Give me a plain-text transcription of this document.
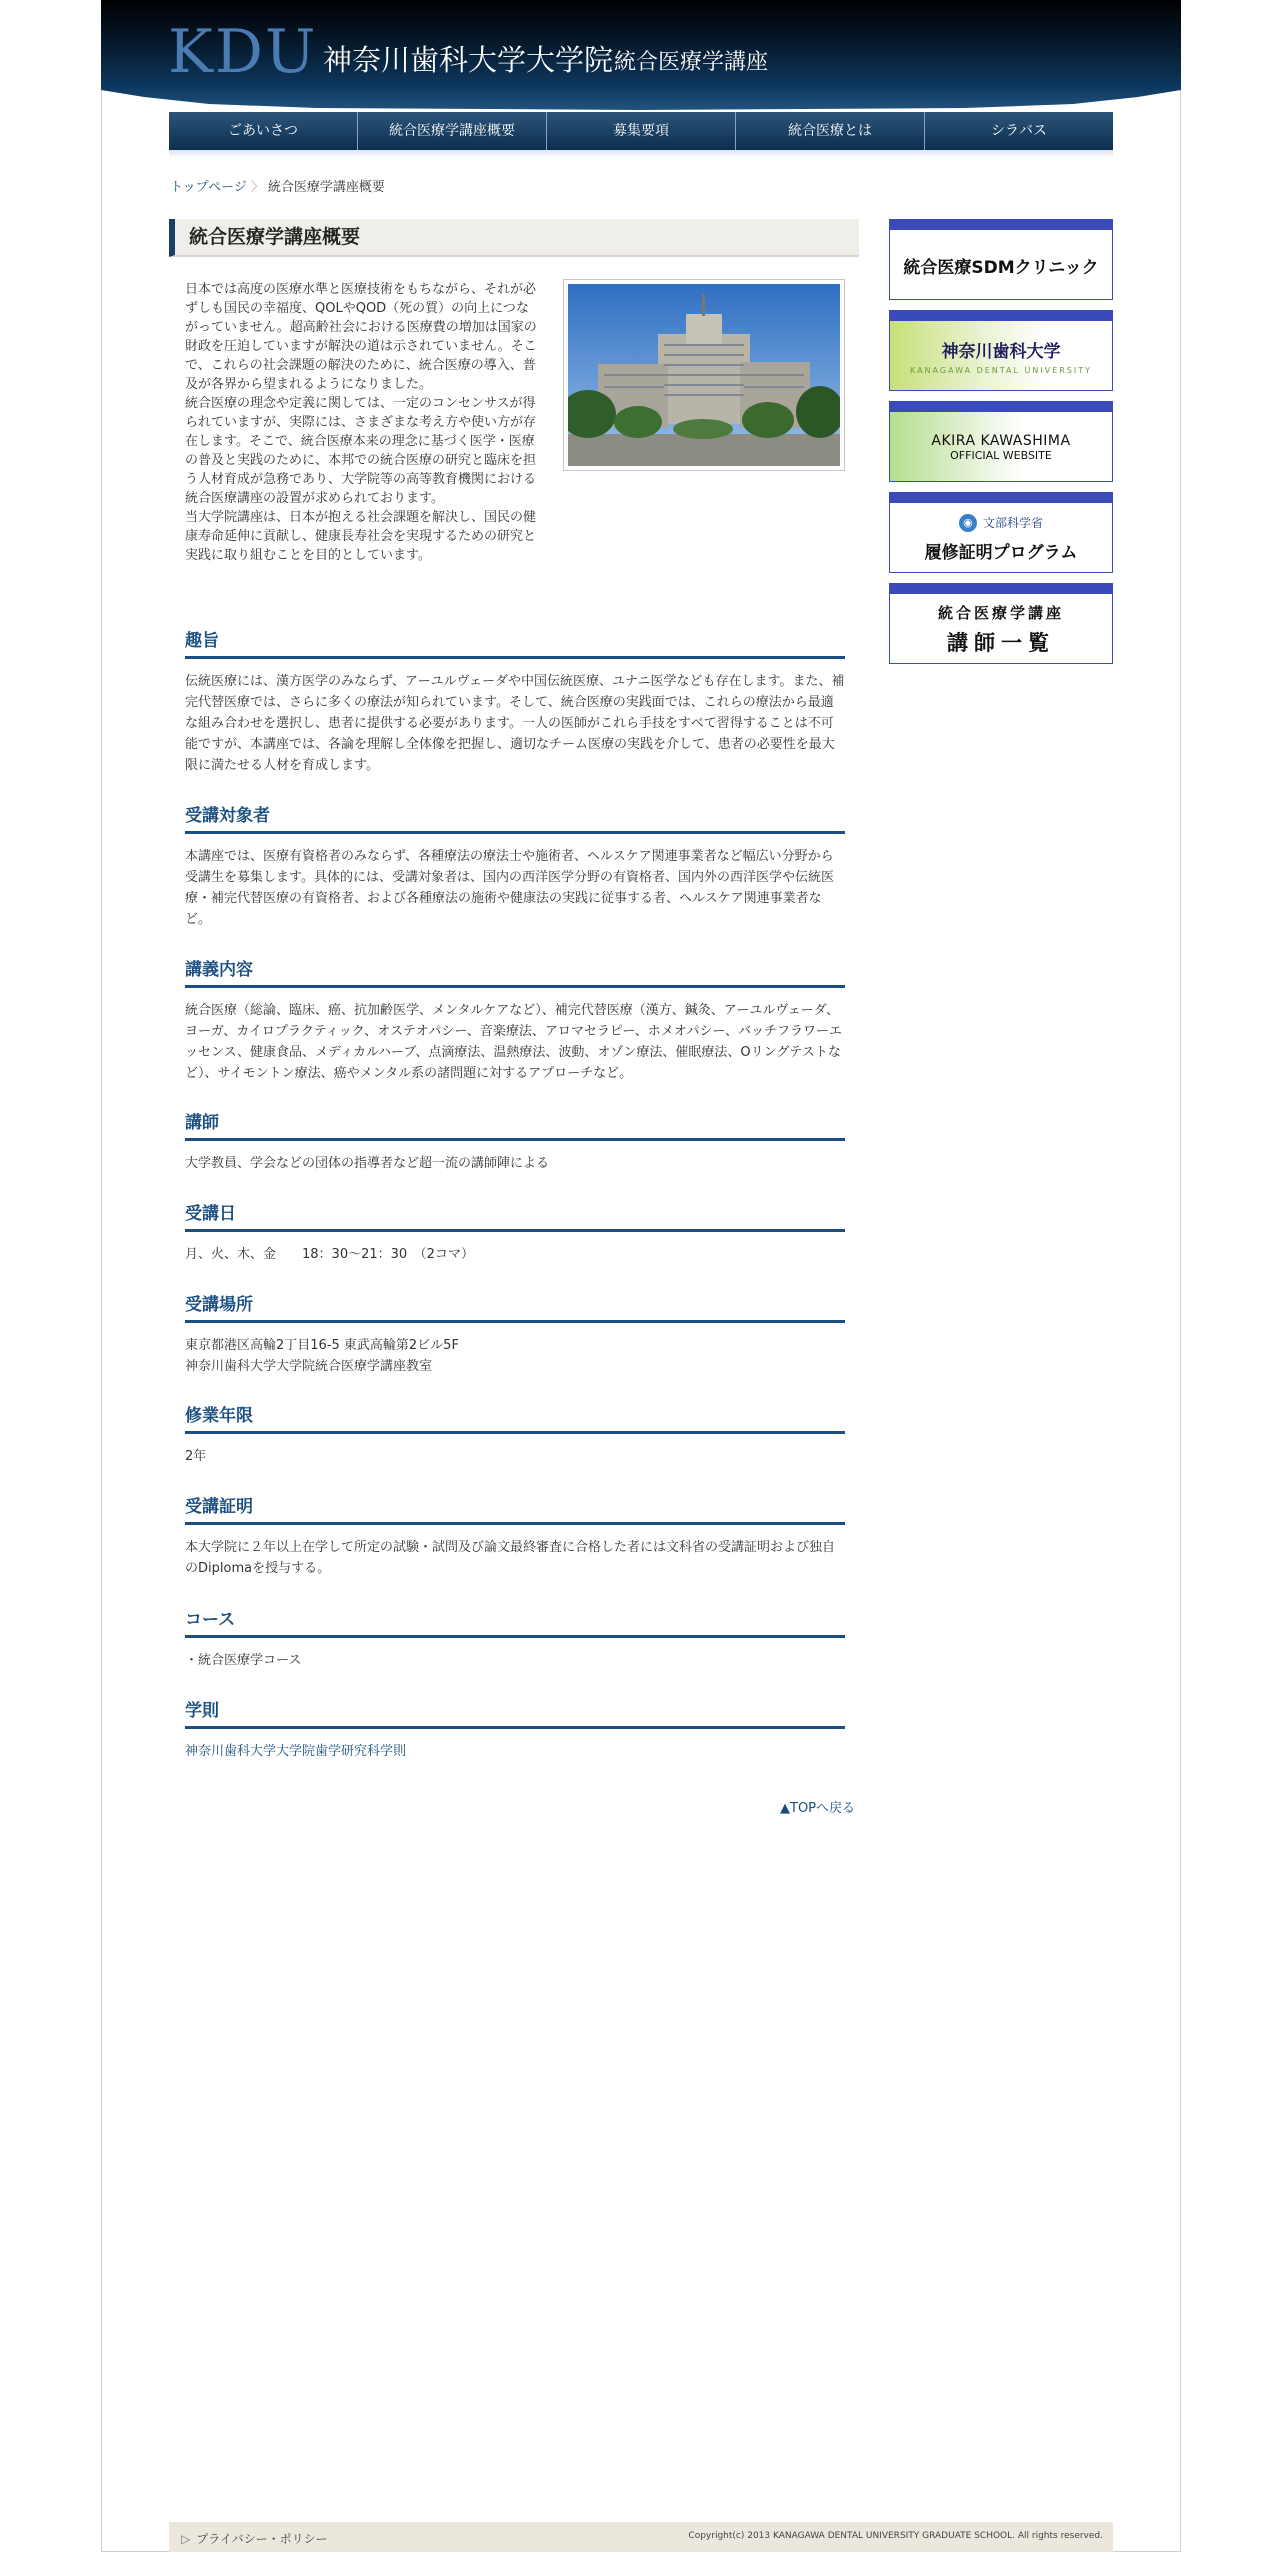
KDU 神奈川歯科大学大学院 統合医療学講座
ごあいさつ	統合医療学講座概要	募集要項	統合医療とは	シラバス
トップページ 〉 統合医療学講座概要
統合医療学講座概要

日本では高度の医療水準と医療技術をもちながら、それが必ずしも国民の幸福度、QOLやQOD（死の質）の向上につながっていません。超高齢社会における医療費の増加は国家の財政を圧迫していますが解決の道は示されていません。そこで、これらの社会課題の解決のために、統合医療の導入、普及が各界から望まれるようになりました。

統合医療の理念や定義に関しては、一定のコンセンサスが得られていますが、実際には、さまざまな考え方や使い方が存在します。そこで、統合医療本来の理念に基づく医学・医療の普及と実践のために、本邦での統合医療の研究と臨床を担う人材育成が急務であり、大学院等の高等教育機関における統合医療講座の設置が求められております。

当大学院講座は、日本が抱える社会課題を解決し、国民の健康寿命延伸に貢献し、健康長寿社会を実現するための研究と実践に取り組むことを目的としています。

趣旨

伝統医療には、漢方医学のみならず、アーユルヴェーダや中国伝統医療、ユナニ医学なども存在します。また、補完代替医療では、さらに多くの療法が知られています。そして、統合医療の実践面では、これらの療法から最適な組み合わせを選択し、患者に提供する必要があります。一人の医師がこれら手技をすべて習得することは不可能ですが、本講座では、各論を理解し全体像を把握し、適切なチーム医療の実践を介して、患者の必要性を最大限に満たせる人材を育成します。

受講対象者

本講座では、医療有資格者のみならず、各種療法の療法士や施術者、ヘルスケア関連事業者など幅広い分野から受講生を募集します。具体的には、受講対象者は、国内の西洋医学分野の有資格者、国内外の西洋医学や伝統医療・補完代替医療の有資格者、および各種療法の施術や健康法の実践に従事する者、ヘルスケア関連事業者など。

講義内容

統合医療（総論、臨床、癌、抗加齢医学、メンタルケアなど）、補完代替医療（漢方、鍼灸、アーユルヴェーダ、ヨーガ、カイロプラクティック、オステオパシー、音楽療法、アロマセラピー、ホメオパシー、バッチフラワーエッセンス、健康食品、メディカルハーブ、点滴療法、温熱療法、波動、オゾン療法、催眠療法、Oリングテストなど）、サイモントン療法、癌やメンタル系の諸問題に対するアプローチなど。

講師

大学教員、学会などの団体の指導者など超一流の講師陣による

受講日

月、火、木、金　　18：30〜21：30　（2コマ）

受講場所

東京都港区高輪2丁目16-5 東武高輪第2ビル5F

神奈川歯科大学大学院統合医療学講座教室

修業年限

2年

受講証明

本大学院に２年以上在学して所定の試験・試問及び論文最終審査に合格した者には文科省の受講証明および独自のDiplomaを授与する。

コース

・統合医療学コース

学則

神奈川歯科大学大学院歯学研究科学則

▲TOPへ戻る
統合医療SDMクリニック
神奈川歯科大学
KANAGAWA DENTAL UNIVERSITY
AKIRA KAWASHIMA
OFFICIAL WEBSITE
◉ 文部科学省
履修証明プログラム
統合医療学講座
講師一覧
▷ プライバシー・ポリシー	Copyright(c) 2013 KANAGAWA DENTAL UNIVERSITY GRADUATE SCHOOL. All rights reserved.
